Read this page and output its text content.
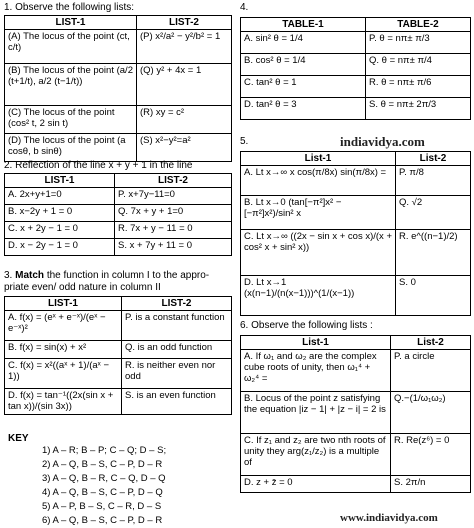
1. Observe the following lists:
LIST-1	LIST-2
(A) The locus of the point (ct, c/t)	(P) x²/a² − y²/b² = 1
(B) The locus of the point (a/2 (t+1/t), a/2 (t−1/t))	(Q) y² + 4x = 1
(C) The locus of the point (cos² t, 2 sin t)	(R) xy = c²
(D) The locus of the point (a cosθ, b sinθ)	(S) x²−y²=a²
2. Reflection of the line x + y + 1 in the line
LIST-1	LIST-2
A. 2x+y+1=0	P. x+7y−11=0
B. x−2y + 1 = 0	Q. 7x + y + 1=0
C. x + 2y − 1 = 0	R. 7x + y − 11 = 0
D. x − 2y − 1 = 0	S. x + 7y + 11 = 0
3. Match the function in column I to the appro-
priate even/ odd nature in column II
LIST-1	LIST-2
A. f(x) = (eˣ + e⁻ˣ)/(eˣ − e⁻ˣ)²	P. is a constant function
B. f(x) = sin(x) + x²	Q. is an odd function
C. f(x) = x²((aˣ + 1)/(aˣ − 1))	R. is neither even nor odd
D. f(x) = tan⁻¹((2x(sin x + tan x))/(sin 3x))	S. is an even function
KEY
1) A – R; B – P; C – Q; D – S;
2) A – Q, B – S, C – P, D – R
3) A – Q, B – R, C – Q, D – Q
4) A – Q, B – S, C – P, D – Q
5) A – P, B – S, C – R, D – S
6) A – Q, B – S, C – P, D – R
4.
TABLE-1	TABLE-2
A. sin² θ = 1/4	P. θ = nπ± π/3
B. cos² θ = 1/4	Q. θ = nπ± π/4
C. tan² θ = 1	R. θ = nπ± π/6
D. tan² θ = 3	S. θ = nπ± 2π/3
indiavidya.com
5.
List-1	List-2
A. Lt x→∞ x cos(π/8x) sin(π/8x) =	P. π/8
B. Lt x→0 (tan[−π²]x² − [−π²]x²)/sin² x	Q. √2
C. Lt x→∞ ((2x − sin x + cos x)/(x + cos² x + sin² x))	R. e^((n−1)/2)
D. Lt x→1 (x(n−1)/(n(x−1)))^(1/(x−1))	S. 0
6. Observe the following lists :
List-1	List-2
A. If ω₁ and ω₂ are the complex cube roots of unity, then ω₁⁴ + ω₂⁴ =	P. a circle
B. Locus of the point z satisfying the equation |iz − 1| + |z − i| = 2 is	Q.−(1/ω₁ω₂)
C. If z₁ and z₂ are two nth roots of unity they arg(z₁/z₂) is a multiple of	R. Re(z⁶) = 0
D. z + z̄ = 0	S. 2π/n
www.indiavidya.com
